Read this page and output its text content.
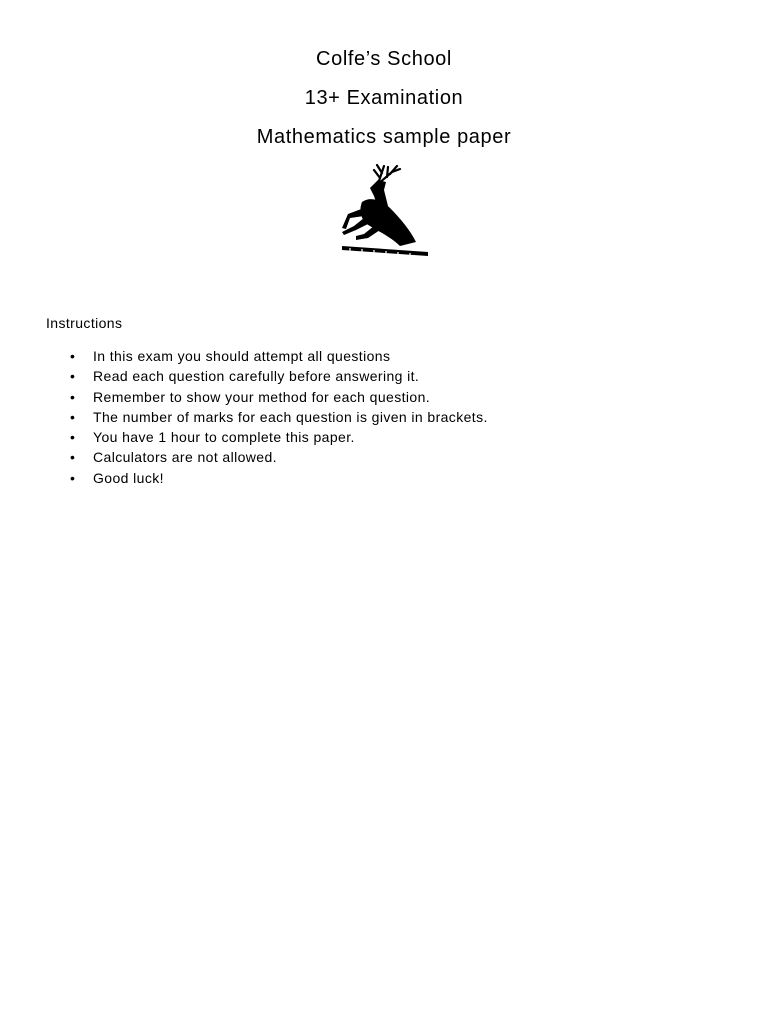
Colfe’s School
13+ Examination
Mathematics sample paper
Instructions
• In this exam you should attempt all questions
• Read each question carefully before answering it.
• Remember to show your method for each question.
• The number of marks for each question is given in brackets.
• You have 1 hour to complete this paper.
• Calculators are not allowed.
• Good luck!
